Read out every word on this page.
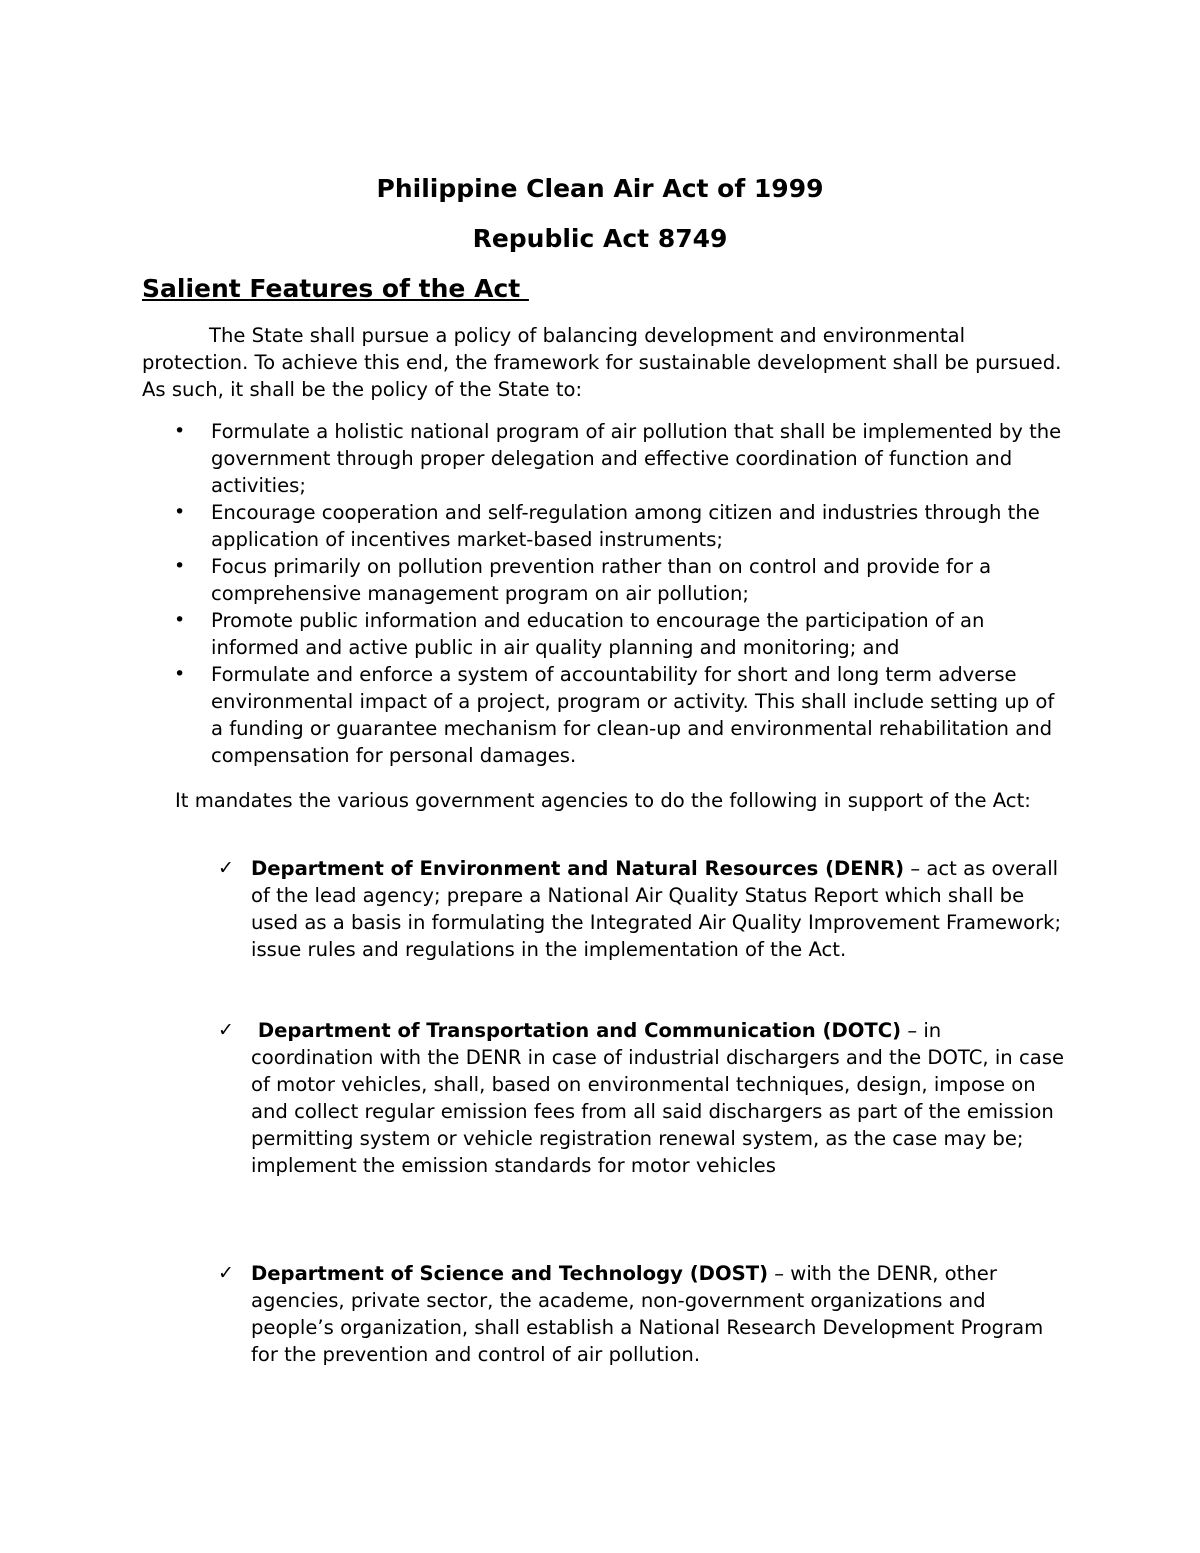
Philippine Clean Air Act of 1999
Republic Act 8749
Salient Features of the Act

The State shall pursue a policy of balancing development and environmental protection. To achieve this end, the framework for sustainable development shall be pursued. As such, it shall be the policy of the State to:

• Formulate a holistic national program of air pollution that shall be implemented by the government through proper delegation and effective coordination of function and activities;
• Encourage cooperation and self-regulation among citizen and industries through the application of incentives market-based instruments;
• Focus primarily on pollution prevention rather than on control and provide for a comprehensive management program on air pollution;
• Promote public information and education to encourage the participation of an informed and active public in air quality planning and monitoring; and
• Formulate and enforce a system of accountability for short and long term adverse environmental impact of a project, program or activity. This shall include setting up of a funding or guarantee mechanism for clean-up and environmental rehabilitation and compensation for personal damages.

It mandates the various government agencies to do the following in support of the Act:

✓ Department of Environment and Natural Resources (DENR) – act as overall of the lead agency; prepare a National Air Quality Status Report which shall be used as a basis in formulating the Integrated Air Quality Improvement Framework; issue rules and regulations in the implementation of the Act.
✓ Department of Transportation and Communication (DOTC) – in coordination with the DENR in case of industrial dischargers and the DOTC, in case of motor vehicles, shall, based on environmental techniques, design, impose on and collect regular emission fees from all said dischargers as part of the emission permitting system or vehicle registration renewal system, as the case may be; implement the emission standards for motor vehicles
✓ Department of Science and Technology (DOST) – with the DENR, other agencies, private sector, the academe, non-government organizations and people’s organization, shall establish a National Research Development Program for the prevention and control of air pollution.
